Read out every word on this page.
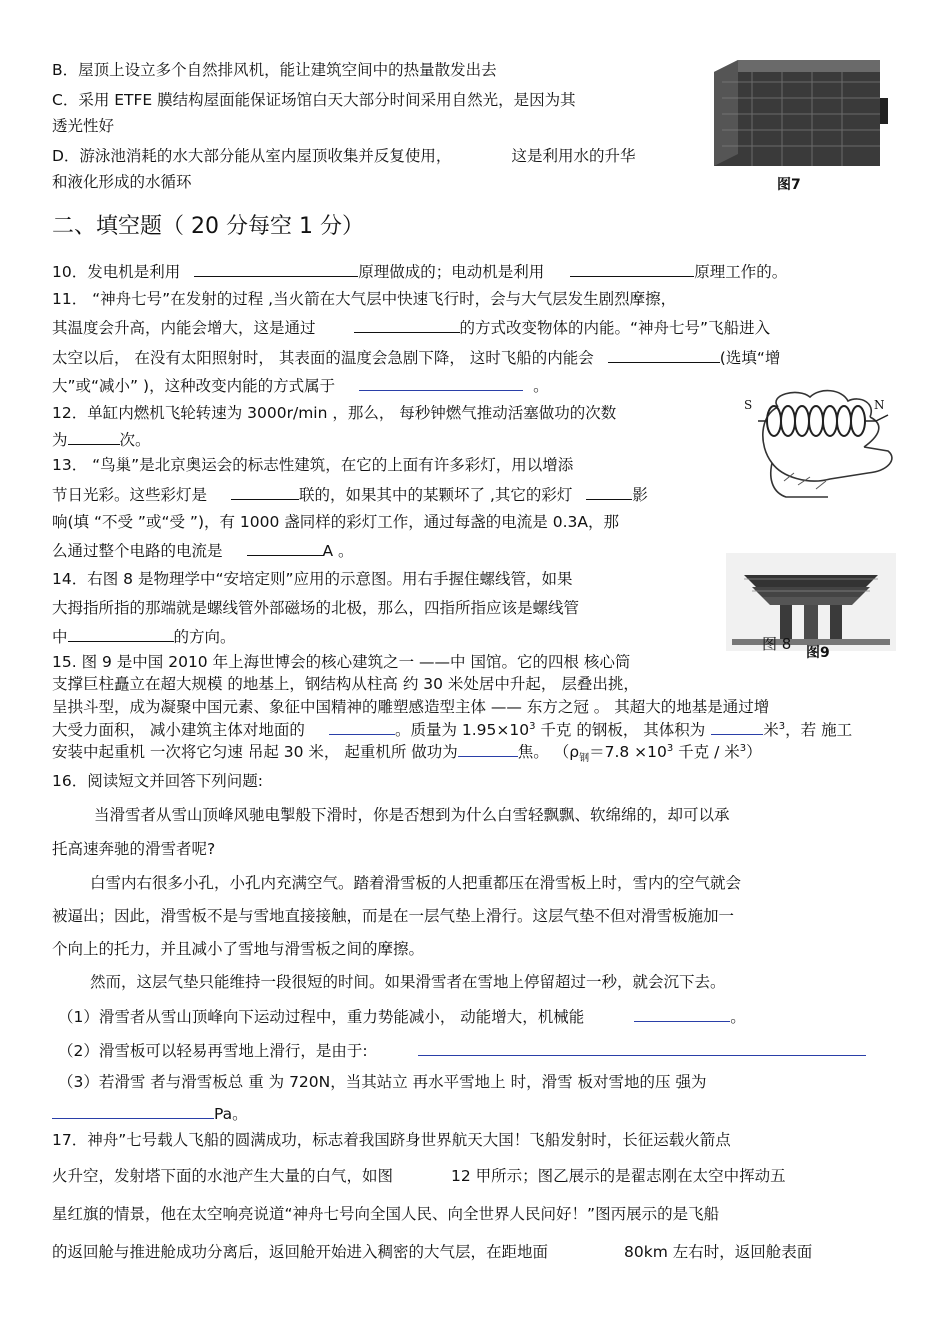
B．屋顶上设立多个自然排风机，能让建筑空间中的热量散发出去
C．采用 ETFE 膜结构屋面能保证场馆白天大部分时间采用自然光，是因为其
透光性好
D．游泳池消耗的水大部分能从室内屋顶收集并反复使用，	这是利用水的升华
和液化形成的水循环	图7
二、填空题（ 20 分每空 1 分）
10．发电机是利用	原理做成的；电动机是利用	原理工作的。
11． “神舟七号”在发射的过程 ,当火箭在大气层中快速飞行时，会与大气层发生剧烈摩擦，
其温度会升高，内能会增大，这是通过	的方式改变物体的内能。“神舟七号”飞船进入
太空以后， 在没有太阳照射时， 其表面的温度会急剧下降， 这时飞船的内能会	(选填“增
大”或“减小” )，这种改变内能的方式属于	。
S	N
12．单缸内燃机飞轮转速为 3000r/min ，那么， 每秒钟燃气推动活塞做功的次数
为	次。
13． “鸟巢”是北京奥运会的标志性建筑，在它的上面有许多彩灯，用以增添
节日光彩。这些彩灯是	联的，如果其中的某颗坏了 ,其它的彩灯	影
响(填 “不受 ”或“受 ”)，有 1000 盏同样的彩灯工作，通过每盏的电流是 0.3A，那
么通过整个电路的电流是	A 。
14．右图 8 是物理学中“安培定则”应用的示意图。用右手握住螺线管，如果
大拇指所指的那端就是螺线管外部磁场的北极，那么，四指所指应该是螺线管
中	的方向。	图 8 图9
15. 图 9 是中国 2010 年上海世博会的核心建筑之一 ——中 国馆。它的四根 核心筒
支撑巨柱矗立在超大规模 的地基上，钢结构从柱高 约 30 米处居中升起， 层叠出挑，
呈拱斗型，成为凝聚中国元素、象征中国精神的雕塑感造型主体 —— 东方之冠 。 其超大的地基是通过增
大受力面积， 减小建筑主体对地面的	。质量为 $1.95\times 10^3$ 千克 的钢板， 其体积为	米$^3$，若 施工
安装中起重机 一次将它匀速 吊起 30 米， 起重机所 做功为	焦。 （$\rho_钢=7.8 \times 10^3$ 千克 / 米$^3$）
16．阅读短文并回答下列问题:
当滑雪者从雪山顶峰风驰电掣般下滑时，你是否想到为什么白雪轻飘飘、软绵绵的，却可以承
托高速奔驰的滑雪者呢?
白雪内右很多小孔，小孔内充满空气。踏着滑雪板的人把重都压在滑雪板上时，雪内的空气就会
被逼出；因此，滑雪板不是与雪地直接接触，而是在一层气垫上滑行。这层气垫不但对滑雪板施加一
个向上的托力，并且减小了雪地与滑雪板之间的摩擦。
然而，这层气垫只能维持一段很短的时间。如果滑雪者在雪地上停留超过一秒，就会沉下去。
（1）滑雪者从雪山顶峰向下运动过程中，重力势能减小， 动能增大，机械能	。
（2）滑雪板可以轻易再雪地上滑行，是由于:
（3）若滑雪 者与滑雪板总 重 为 720N，当其站立 再水平雪地上 时，滑雪 板对雪地的压 强为
Pa。
17．神舟”七号载人飞船的圆满成功，标志着我国跻身世界航天大国！飞船发射时，长征运载火箭点
火升空，发射塔下面的水池产生大量的白气，如图	12 甲所示；图乙展示的是翟志刚在太空中挥动五
星红旗的情景，他在太空响亮说道“神舟七号向全国人民、向全世界人民问好！”图丙展示的是飞船
的返回舱与推进舱成功分离后，返回舱开始进入稠密的大气层，在距地面	80km 左右时，返回舱表面
